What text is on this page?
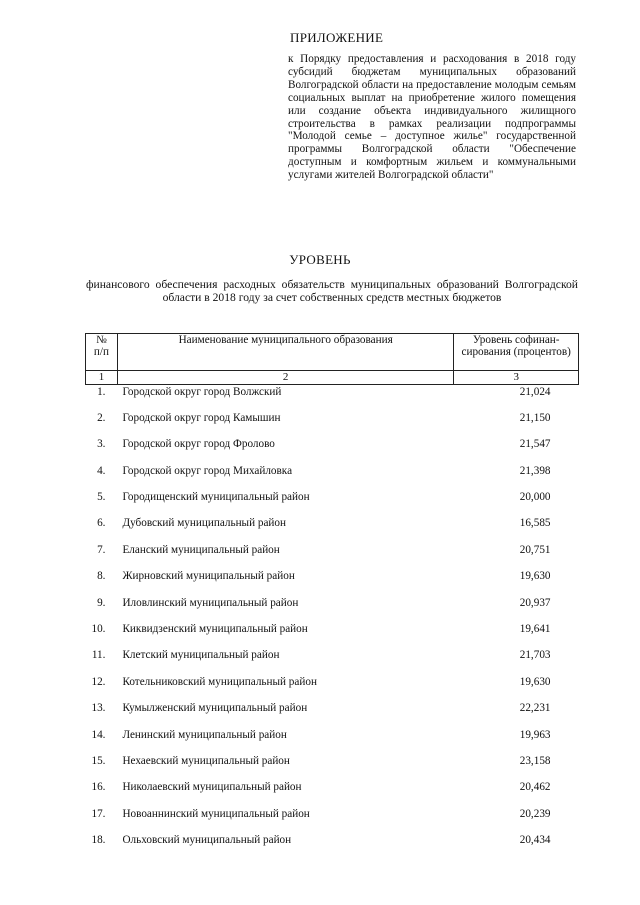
ПРИЛОЖЕНИЕ
к Порядку предоставления и расходования в 2018 году субсидий бюджетам муниципальных образований Волгоградской области на предоставление молодым семьям социальных выплат на приобретение жилого помещения или создание объекта индивидуального жилищного строительства в рамках реализации подпрограммы "Молодой семье – доступное жилье" государственной программы Волгоградской области "Обеспечение доступным и комфортным жильем и коммунальными услугами жителей Волгоградской области"
УРОВЕНЬ
финансового обеспечения расходных обязательств муниципальных образований Волгоградской области в 2018 году за счет собственных средств местных бюджетов
№
п/п	Наименование муниципального образования	Уровень софинан-сирования (процентов)
1	2	3
1.	Городской округ город Волжский	21,024
2.	Городской округ город Камышин	21,150
3.	Городской округ город Фролово	21,547
4.	Городской округ город Михайловка	21,398
5.	Городищенский муниципальный район	20,000
6.	Дубовский муниципальный район	16,585
7.	Еланский муниципальный район	20,751
8.	Жирновский муниципальный район	19,630
9.	Иловлинский муниципальный район	20,937
10.	Киквидзенский муниципальный район	19,641
11.	Клетский муниципальный район	21,703
12.	Котельниковский муниципальный район	19,630
13.	Кумылженский муниципальный район	22,231
14.	Ленинский муниципальный район	19,963
15.	Нехаевский муниципальный район	23,158
16.	Николаевский муниципальный район	20,462
17.	Новоаннинский муниципальный район	20,239
18.	Ольховский муниципальный район	20,434
